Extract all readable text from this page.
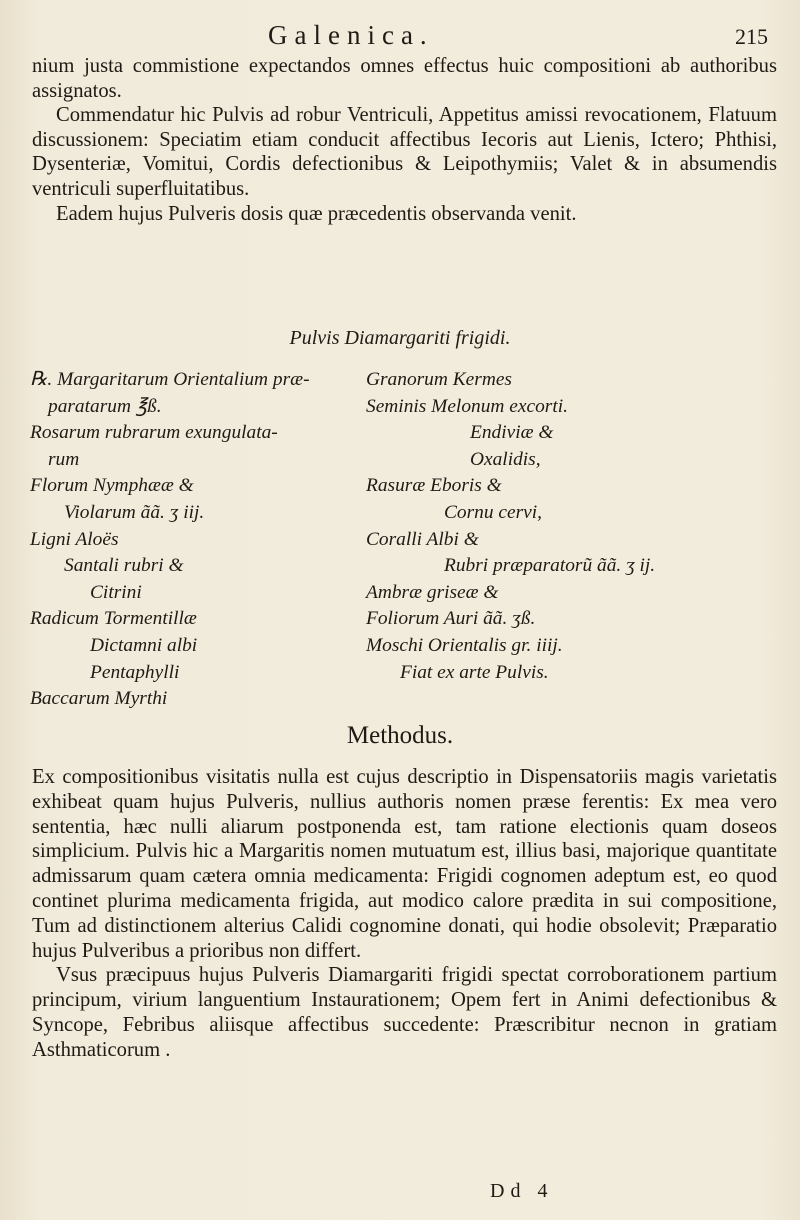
Galenica.	215

nium justa commistione expectandos omnes effectus huic compositioni ab authoribus assignatos.

Commendatur hic Pulvis ad robur Ventriculi, Appetitus amissi revocationem, Flatuum discussionem: Speciatim etiam conducit affectibus Iecoris aut Lienis, Ictero; Phthisi, Dysenteriæ, Vomitui, Cordis defectionibus & Leipothymiis; Valet & in absumendis ventriculi superfluitatibus.

Eadem hujus Pulveris dosis quæ præcedentis observanda venit.

Pulvis Diamargariti frigidi.
℞. Margaritarum Orientalium præ-
paratarum ℥ß.
Rosarum rubrarum exungulata-
rum
Florum Nymphææ &
Violarum ãã. ʒ iij.
Ligni Aloës
Santali rubri &
Citrini
Radicum Tormentillæ
Dictamni albi
Pentaphylli
Baccarum Myrthi
Granorum Kermes
Seminis Melonum excorti.
Endiviæ &
Oxalidis,
Rasuræ Eboris &
Cornu cervi,
Coralli Albi &
Rubri præparatorũ ãã. ʒ ij.
Ambræ griseæ &
Foliorum Auri ãã. ʒß.
Moschi Orientalis gr. iiij.
Fiat ex arte Pulvis.
Methodus.

Ex compositionibus visitatis nulla est cujus descriptio in Dispensatoriis magis varietatis exhibeat quam hujus Pulveris, nullius authoris nomen præse ferentis: Ex mea vero sententia, hæc nulli aliarum postponenda est, tam ratione electionis quam doseos simplicium. Pulvis hic a Margaritis nomen mutuatum est, illius basi, majorique quantitate admissarum quam cætera omnia medicamenta: Frigidi cognomen adeptum est, eo quod continet plurima medicamenta frigida, aut modico calore prædita in sui compositione, Tum ad distinctionem alterius Calidi cognomine donati, qui hodie obsolevit; Præparatio hujus Pulveribus a prioribus non differt.

Vsus præcipuus hujus Pulveris Diamargariti frigidi spectat corroborationem partium principum, virium languentium Instaurationem; Opem fert in Animi defectionibus & Syncope, Febribus aliisque affectibus succedente: Præscribitur necnon in gratiam Asthmaticorum .

Dd 4
